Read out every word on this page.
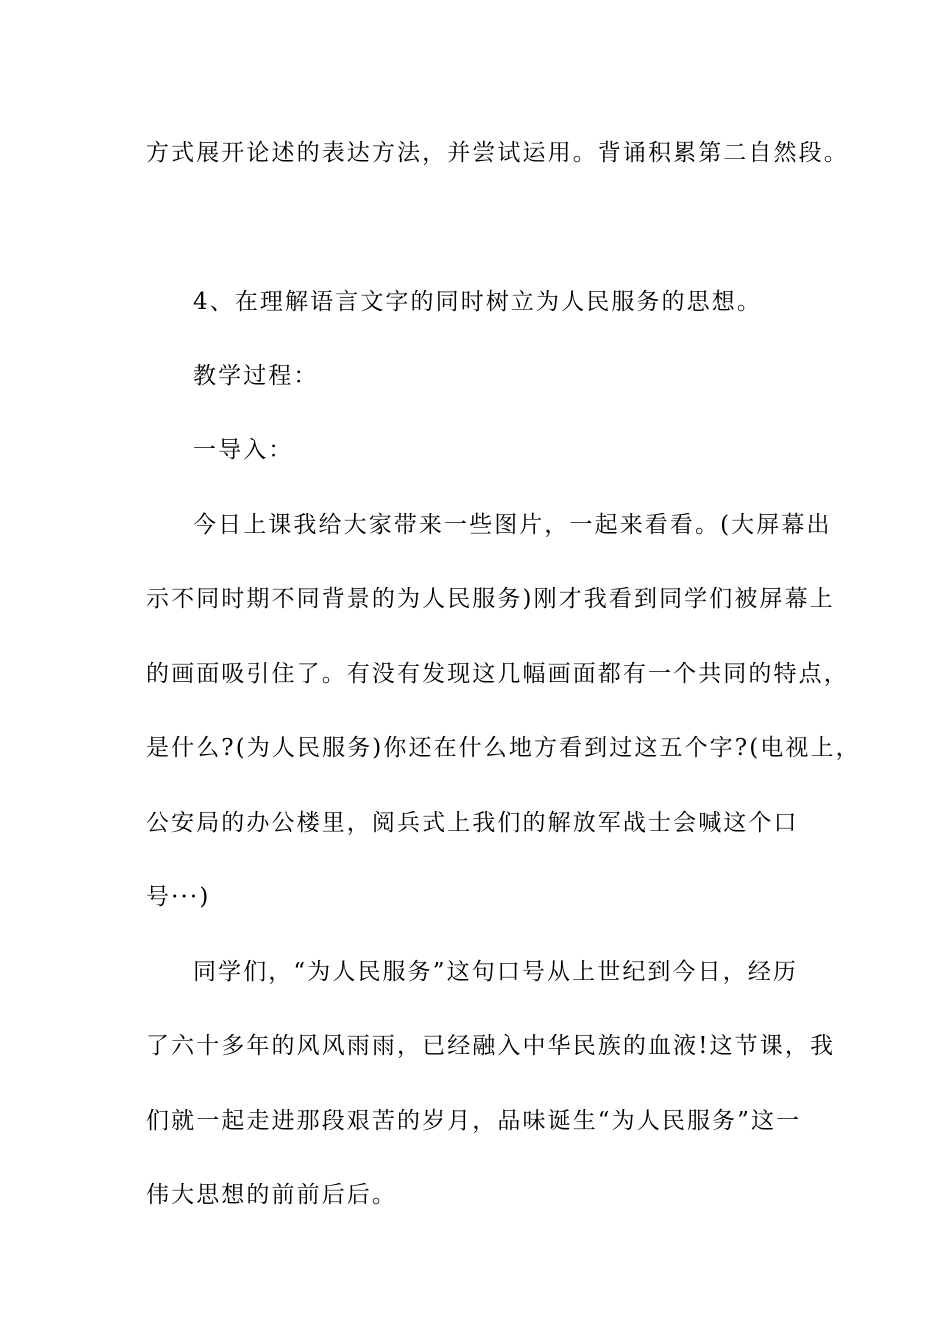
方式展开论述的表达方法，并尝试运用。背诵积累第二自然段。
4、在理解语言文字的同时树立为人民服务的思想。
教学过程：
一导入：
今日上课我给大家带来一些图片，一起来看看。(大屏幕出
示不同时期不同背景的为人民服务)刚才我看到同学们被屏幕上
的画面吸引住了。有没有发现这几幅画面都有一个共同的特点，
是什么?(为人民服务)你还在什么地方看到过这五个字?(电视上，
公安局的办公楼里，阅兵式上我们的解放军战士会喊这个口
号···)
同学们，“为人民服务”这句口号从上世纪到今日，经历
了六十多年的风风雨雨，已经融入中华民族的血液!这节课，我
们就一起走进那段艰苦的岁月，品味诞生“为人民服务”这一
伟大思想的前前后后。
